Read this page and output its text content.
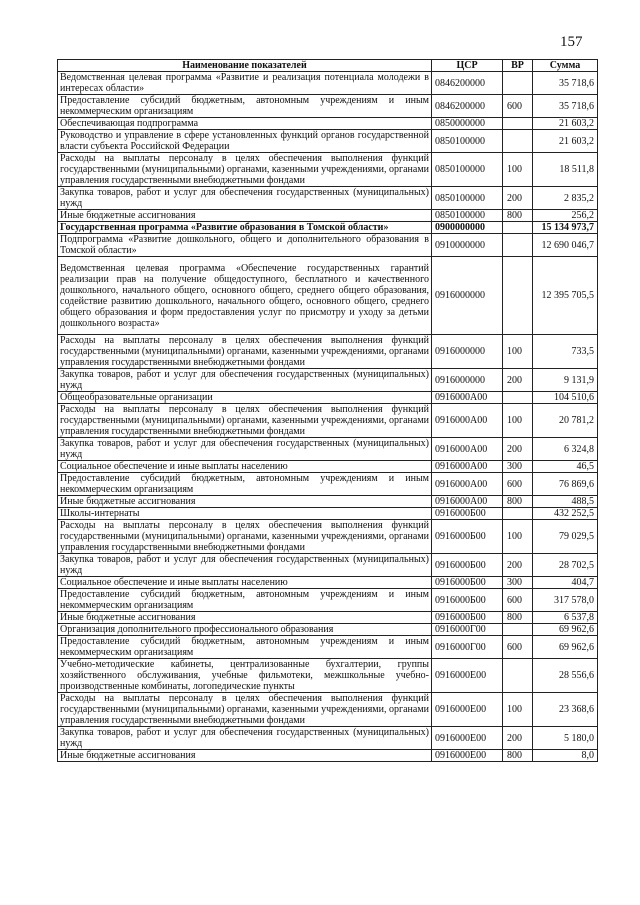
157
Наименование показателей	ЦСР	ВР	Сумма
Ведомственная целевая программа «Развитие и реализация потенциала молодежи в интересах области»	0846200000		35 718,6
Предоставление субсидий бюджетным, автономным учреждениям и иным некоммерческим организациям	0846200000	600	35 718,6
Обеспечивающая подпрограмма	0850000000		21 603,2
Руководство и управление в сфере установленных функций органов государственной власти субъекта Российской Федерации	0850100000		21 603,2
Расходы на выплаты персоналу в целях обеспечения выполнения функций государственными (муниципальными) органами, казенными учреждениями, органами управления государственными внебюджетными фондами	0850100000	100	18 511,8
Закупка товаров, работ и услуг для обеспечения государственных (муниципальных) нужд	0850100000	200	2 835,2
Иные бюджетные ассигнования	0850100000	800	256,2
Государственная программа «Развитие образования в Томской области»	0900000000		15 134 973,7
Подпрограмма «Развитие дошкольного, общего и дополнительного образования в Томской области»	0910000000		12 690 046,7
Ведомственная целевая программа «Обеспечение государственных гарантий реализации прав на получение общедоступного, бесплатного и качественного дошкольного, начального общего, основного общего, среднего общего образования, содействие развитию дошкольного, начального общего, основного общего, среднего общего образования и форм предоставления услуг по присмотру и уходу за детьми дошкольного возраста»	0916000000		12 395 705,5
Расходы на выплаты персоналу в целях обеспечения выполнения функций государственными (муниципальными) органами, казенными учреждениями, органами управления государственными внебюджетными фондами	0916000000	100	733,5
Закупка товаров, работ и услуг для обеспечения государственных (муниципальных) нужд	0916000000	200	9 131,9
Общеобразовательные организации	0916000А00		104 510,6
Расходы на выплаты персоналу в целях обеспечения выполнения функций государственными (муниципальными) органами, казенными учреждениями, органами управления государственными внебюджетными фондами	0916000А00	100	20 781,2
Закупка товаров, работ и услуг для обеспечения государственных (муниципальных) нужд	0916000А00	200	6 324,8
Социальное обеспечение и иные выплаты населению	0916000А00	300	46,5
Предоставление субсидий бюджетным, автономным учреждениям и иным некоммерческим организациям	0916000А00	600	76 869,6
Иные бюджетные ассигнования	0916000А00	800	488,5
Школы-интернаты	0916000Б00		432 252,5
Расходы на выплаты персоналу в целях обеспечения выполнения функций государственными (муниципальными) органами, казенными учреждениями, органами управления государственными внебюджетными фондами	0916000Б00	100	79 029,5
Закупка товаров, работ и услуг для обеспечения государственных (муниципальных) нужд	0916000Б00	200	28 702,5
Социальное обеспечение и иные выплаты населению	0916000Б00	300	404,7
Предоставление субсидий бюджетным, автономным учреждениям и иным некоммерческим организациям	0916000Б00	600	317 578,0
Иные бюджетные ассигнования	0916000Б00	800	6 537,8
Организация дополнительного профессионального образования	0916000Г00		69 962,6
Предоставление субсидий бюджетным, автономным учреждениям и иным некоммерческим организациям	0916000Г00	600	69 962,6
Учебно-методические кабинеты, централизованные бухгалтерии, группы хозяйственного обслуживания, учебные фильмотеки, межшкольные учебно-производственные комбинаты, логопедические пункты	0916000Е00		28 556,6
Расходы на выплаты персоналу в целях обеспечения выполнения функций государственными (муниципальными) органами, казенными учреждениями, органами управления государственными внебюджетными фондами	0916000Е00	100	23 368,6
Закупка товаров, работ и услуг для обеспечения государственных (муниципальных) нужд	0916000Е00	200	5 180,0
Иные бюджетные ассигнования	0916000Е00	800	8,0
